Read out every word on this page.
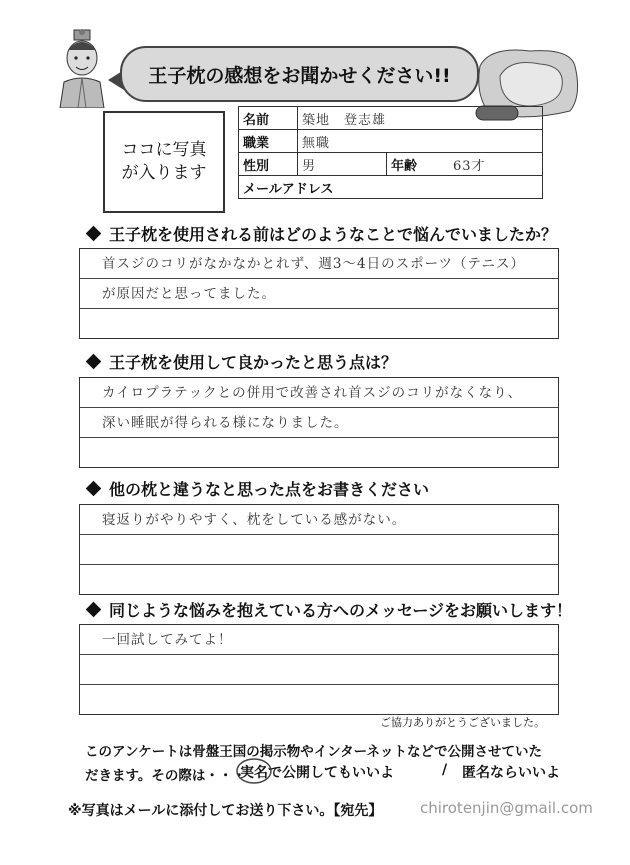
王子枕の感想をお聞かせください!!
ココに写真
が入ります
名前	築地　登志雄		
職業	無職		
性別	男	年齢	63才
メールアドレス			
王子枕を使用される前はどのようなことで悩んでいましたか？
首スジのコリがなかなかとれず、週3〜4日のスポーツ（テニス）
が原因だと思ってました。
王子枕を使用して良かったと思う点は？
カイロプラテックとの併用で改善され首スジのコリがなくなり、
深い睡眠が得られる様になりました。
他の枕と違うなと思った点をお書きください
寝返りがやりやすく、枕をしている感がない。
同じような悩みを抱えている方へのメッセージをお願いします！
一回試してみてよ！
ご協力ありがとうございました。
このアンケートは骨盤王国の掲示物やインターネットなどで公開させていた
だきます。その際は・・・
実名で公開してもいいよ	/ 匿名ならいいよ
※写真はメールに添付してお送り下さい。【宛先】	chirotenjin@gmail.com
